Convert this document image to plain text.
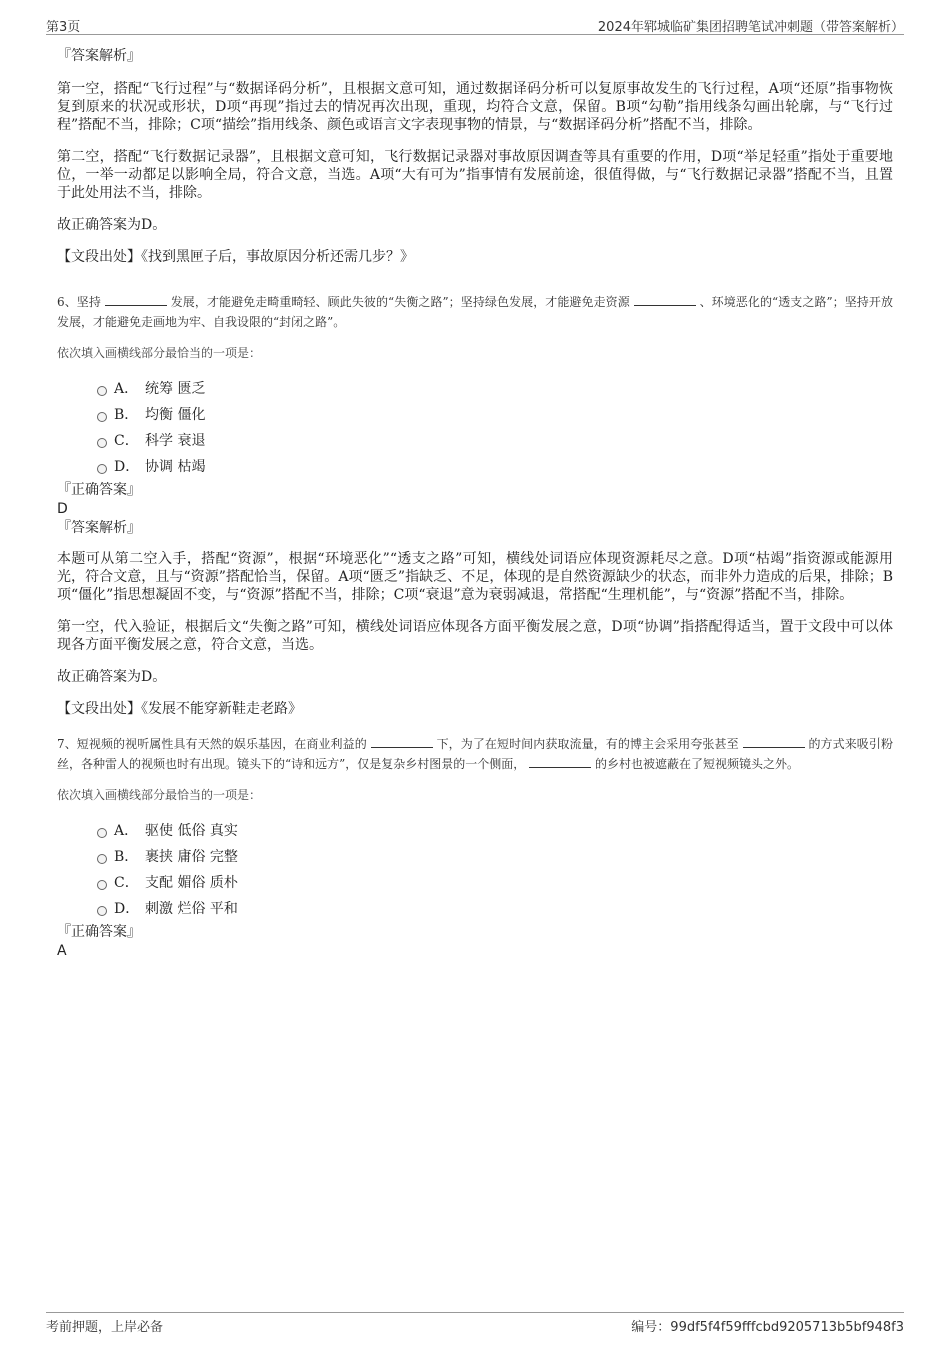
第3页	2024年郓城临矿集团招聘笔试冲刺题（带答案解析）

『答案解析』

第一空，搭配“飞行过程”与“数据译码分析”，且根据文意可知，通过数据译码分析可以复原事故发生的飞行过程，A项“还原”指事物恢复到原来的状况或形状，D项“再现”指过去的情况再次出现，重现，均符合文意，保留。B项“勾勒”指用线条勾画出轮廓，与“飞行过程”搭配不当，排除；C项“描绘”指用线条、颜色或语言文字表现事物的情景，与“数据译码分析”搭配不当，排除。

第二空，搭配“飞行数据记录器”，且根据文意可知，飞行数据记录器对事故原因调查等具有重要的作用，D项“举足轻重”指处于重要地位，一举一动都足以影响全局，符合文意，当选。A项“大有可为”指事情有发展前途，很值得做，与“飞行数据记录器”搭配不当，且置于此处用法不当，排除。

故正确答案为D。

【文段出处】《找到黑匣子后，事故原因分析还需几步？》

6、坚持	发展，才能避免走畸重畸轻、顾此失彼的“失衡之路”；坚持绿色发展，才能避免走资源	、环境恶化的“透支之路”；坚持开放发展，才能避免走画地为牢、自我设限的“封闭之路”。

依次填入画横线部分最恰当的一项是：

A． 统筹 匮乏
B． 均衡 僵化
C． 科学 衰退
D． 协调 枯竭

『正确答案』

D

『答案解析』

本题可从第二空入手，搭配“资源”，根据“环境恶化”“透支之路”可知，横线处词语应体现资源耗尽之意。D项“枯竭”指资源或能源用光，符合文意，且与“资源”搭配恰当，保留。A项“匮乏”指缺乏、不足，体现的是自然资源缺少的状态，而非外力造成的后果，排除；B项“僵化”指思想凝固不变，与“资源”搭配不当，排除；C项“衰退”意为衰弱减退，常搭配“生理机能”，与“资源”搭配不当，排除。

第一空，代入验证，根据后文“失衡之路”可知，横线处词语应体现各方面平衡发展之意，D项“协调”指搭配得适当，置于文段中可以体现各方面平衡发展之意，符合文意，当选。

故正确答案为D。

【文段出处】《发展不能穿新鞋走老路》

7、短视频的视听属性具有天然的娱乐基因，在商业利益的	下，为了在短时间内获取流量，有的博主会采用夸张甚至	的方式来吸引粉丝，各种雷人的视频也时有出现。镜头下的“诗和远方”，仅是复杂乡村图景的一个侧面，	的乡村也被遮蔽在了短视频镜头之外。

依次填入画横线部分最恰当的一项是：

A． 驱使 低俗 真实
B． 裹挟 庸俗 完整
C． 支配 媚俗 质朴
D． 刺激 烂俗 平和

『正确答案』

A

考前押题，上岸必备	编号：99df5f4f59fffcbd9205713b5bf948f3
